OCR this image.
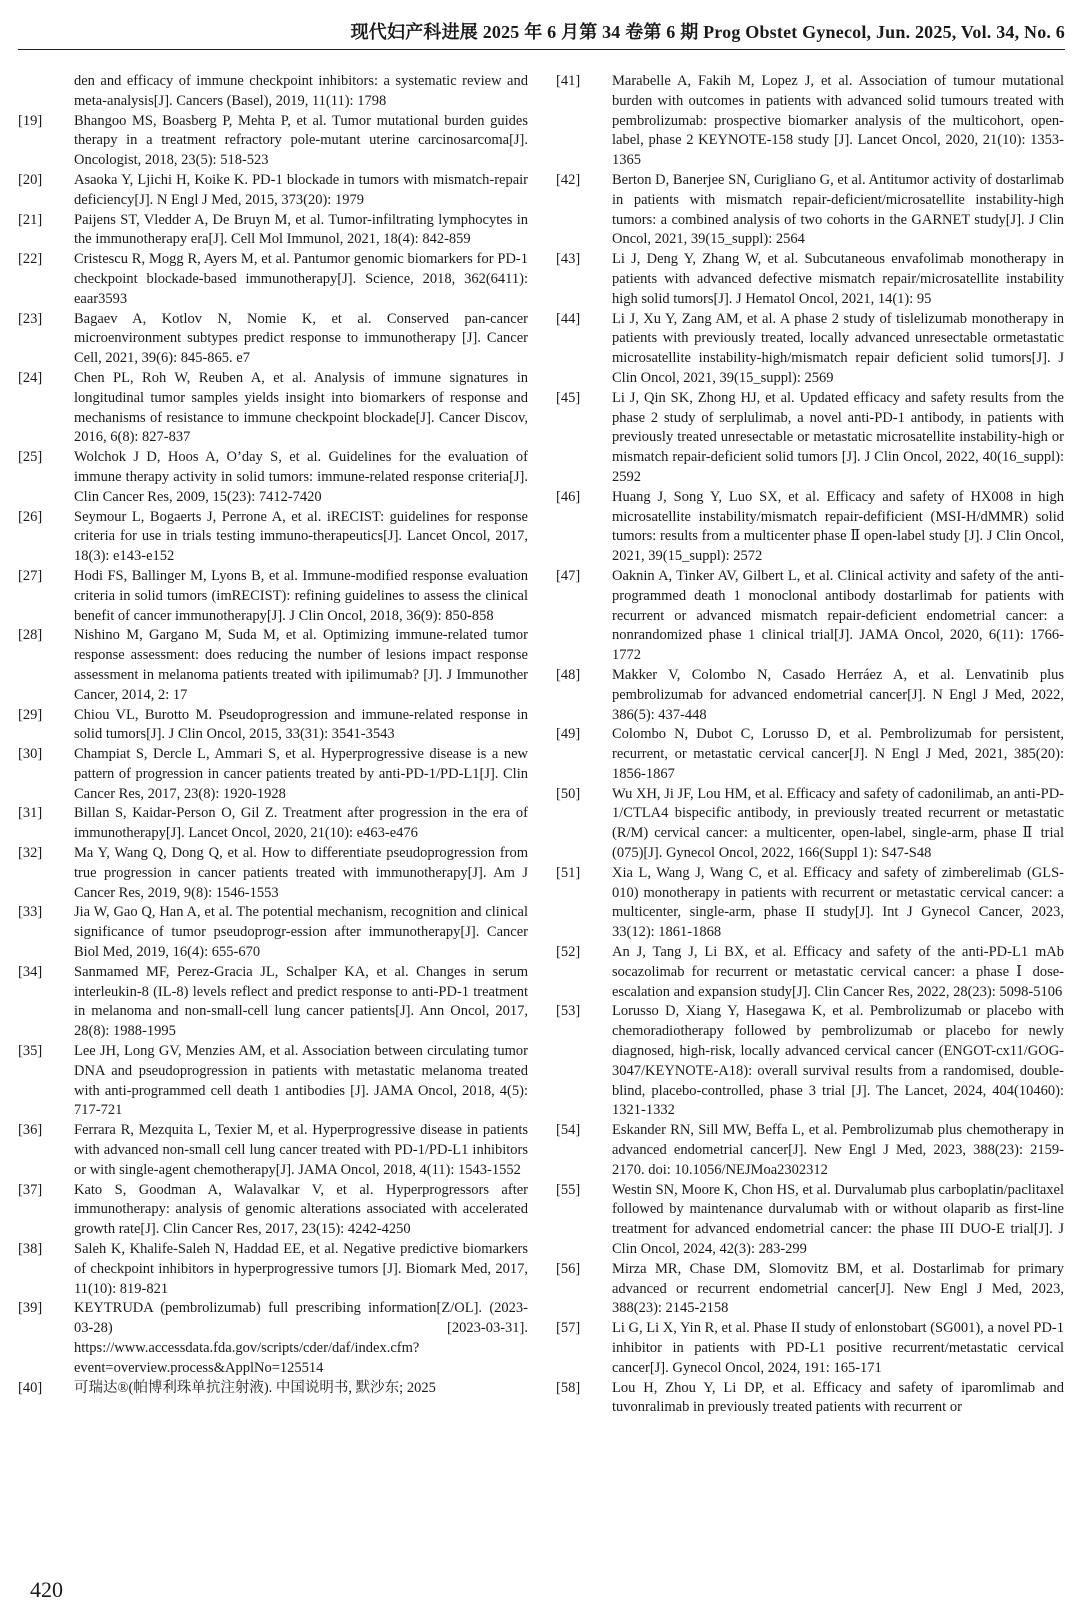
现代妇产科进展 2025 年 6 月第 34 卷第 6 期 Prog Obstet Gynecol, Jun. 2025, Vol. 34, No. 6
den and efficacy of immune checkpoint inhibitors: a systematic review and meta-analysis[J]. Cancers (Basel), 2019, 11(11): 1798
[19]	Bhangoo MS, Boasberg P, Mehta P, et al. Tumor mutational burden guides therapy in a treatment refractory pole-mutant uterine carcinosarcoma[J]. Oncologist, 2018, 23(5): 518-523
[20]	Asaoka Y, Ljichi H, Koike K. PD-1 blockade in tumors with mismatch-repair deficiency[J]. N Engl J Med, 2015, 373(20): 1979
[21]	Paijens ST, Vledder A, De Bruyn M, et al. Tumor-infiltrating lymphocytes in the immunotherapy era[J]. Cell Mol Immunol, 2021, 18(4): 842-859
[22]	Cristescu R, Mogg R, Ayers M, et al. Pantumor genomic biomarkers for PD-1 checkpoint blockade-based immunotherapy[J]. Science, 2018, 362(6411): eaar3593
[23]	Bagaev A, Kotlov N, Nomie K, et al. Conserved pan-cancer microenvironment subtypes predict response to immunotherapy [J]. Cancer Cell, 2021, 39(6): 845-865. e7
[24]	Chen PL, Roh W, Reuben A, et al. Analysis of immune signatures in longitudinal tumor samples yields insight into biomarkers of response and mechanisms of resistance to immune checkpoint blockade[J]. Cancer Discov, 2016, 6(8): 827-837
[25]	Wolchok J D, Hoos A, O’day S, et al. Guidelines for the evaluation of immune therapy activity in solid tumors: immune-related response criteria[J]. Clin Cancer Res, 2009, 15(23): 7412-7420
[26]	Seymour L, Bogaerts J, Perrone A, et al. iRECIST: guidelines for response criteria for use in trials testing immuno-therapeutics[J]. Lancet Oncol, 2017, 18(3): e143-e152
[27]	Hodi FS, Ballinger M, Lyons B, et al. Immune-modified response evaluation criteria in solid tumors (imRECIST): refining guidelines to assess the clinical benefit of cancer immunotherapy[J]. J Clin Oncol, 2018, 36(9): 850-858
[28]	Nishino M, Gargano M, Suda M, et al. Optimizing immune-related tumor response assessment: does reducing the number of lesions impact response assessment in melanoma patients treated with ipilimumab? [J]. J Immunother Cancer, 2014, 2: 17
[29]	Chiou VL, Burotto M. Pseudoprogression and immune-related response in solid tumors[J]. J Clin Oncol, 2015, 33(31): 3541-3543
[30]	Champiat S, Dercle L, Ammari S, et al. Hyperprogressive disease is a new pattern of progression in cancer patients treated by anti-PD-1/PD-L1[J]. Clin Cancer Res, 2017, 23(8): 1920-1928
[31]	Billan S, Kaidar-Person O, Gil Z. Treatment after progression in the era of immunotherapy[J]. Lancet Oncol, 2020, 21(10): e463-e476
[32]	Ma Y, Wang Q, Dong Q, et al. How to differentiate pseudoprogression from true progression in cancer patients treated with immunotherapy[J]. Am J Cancer Res, 2019, 9(8): 1546-1553
[33]	Jia W, Gao Q, Han A, et al. The potential mechanism, recognition and clinical significance of tumor pseudoprogr-ession after immunotherapy[J]. Cancer Biol Med, 2019, 16(4): 655-670
[34]	Sanmamed MF, Perez-Gracia JL, Schalper KA, et al. Changes in serum interleukin-8 (IL-8) levels reflect and predict response to anti-PD-1 treatment in melanoma and non-small-cell lung cancer patients[J]. Ann Oncol, 2017, 28(8): 1988-1995
[35]	Lee JH, Long GV, Menzies AM, et al. Association between circulating tumor DNA and pseudoprogression in patients with metastatic melanoma treated with anti-programmed cell death 1 antibodies [J]. JAMA Oncol, 2018, 4(5): 717-721
[36]	Ferrara R, Mezquita L, Texier M, et al. Hyperprogressive disease in patients with advanced non-small cell lung cancer treated with PD-1/PD-L1 inhibitors or with single-agent chemotherapy[J]. JAMA Oncol, 2018, 4(11): 1543-1552
[37]	Kato S, Goodman A, Walavalkar V, et al. Hyperprogressors after immunotherapy: analysis of genomic alterations associated with accelerated growth rate[J]. Clin Cancer Res, 2017, 23(15): 4242-4250
[38]	Saleh K, Khalife-Saleh N, Haddad EE, et al. Negative predictive biomarkers of checkpoint inhibitors in hyperprogressive tumors [J]. Biomark Med, 2017, 11(10): 819-821
[39]	KEYTRUDA (pembrolizumab) full prescribing information[Z/OL]. (2023-03-28) [2023-03-31]. https://www.accessdata.fda.gov/scripts/cder/daf/index.cfm? event=overview.process&ApplNo=125514
[40]	可瑞达®(帕博利珠单抗注射液). 中国说明书, 默沙东; 2025
[41]	Marabelle A, Fakih M, Lopez J, et al. Association of tumour mutational burden with outcomes in patients with advanced solid tumours treated with pembrolizumab: prospective biomarker analysis of the multicohort, open-label, phase 2 KEYNOTE-158 study [J]. Lancet Oncol, 2020, 21(10): 1353-1365
[42]	Berton D, Banerjee SN, Curigliano G, et al. Antitumor activity of dostarlimab in patients with mismatch repair-deficient/microsatellite instability-high tumors: a combined analysis of two cohorts in the GARNET study[J]. J Clin Oncol, 2021, 39(15_suppl): 2564
[43]	Li J, Deng Y, Zhang W, et al. Subcutaneous envafolimab monotherapy in patients with advanced defective mismatch repair/microsatellite instability high solid tumors[J]. J Hematol Oncol, 2021, 14(1): 95
[44]	Li J, Xu Y, Zang AM, et al. A phase 2 study of tislelizumab monotherapy in patients with previously treated, locally advanced unresectable ormetastatic microsatellite instability-high/mismatch repair deficient solid tumors[J]. J Clin Oncol, 2021, 39(15_suppl): 2569
[45]	Li J, Qin SK, Zhong HJ, et al. Updated efficacy and safety results from the phase 2 study of serplulimab, a novel anti-PD-1 antibody, in patients with previously treated unresectable or metastatic microsatellite instability-high or mismatch repair-deficient solid tumors [J]. J Clin Oncol, 2022, 40(16_suppl): 2592
[46]	Huang J, Song Y, Luo SX, et al. Efficacy and safety of HX008 in high microsatellite instability/mismatch repair-defificient (MSI-H/dMMR) solid tumors: results from a multicenter phase Ⅱ open-label study [J]. J Clin Oncol, 2021, 39(15_suppl): 2572
[47]	Oaknin A, Tinker AV, Gilbert L, et al. Clinical activity and safety of the anti-programmed death 1 monoclonal antibody dostarlimab for patients with recurrent or advanced mismatch repair-deficient endometrial cancer: a nonrandomized phase 1 clinical trial[J]. JAMA Oncol, 2020, 6(11): 1766-1772
[48]	Makker V, Colombo N, Casado Herráez A, et al. Lenvatinib plus pembrolizumab for advanced endometrial cancer[J]. N Engl J Med, 2022, 386(5): 437-448
[49]	Colombo N, Dubot C, Lorusso D, et al. Pembrolizumab for persistent, recurrent, or metastatic cervical cancer[J]. N Engl J Med, 2021, 385(20): 1856-1867
[50]	Wu XH, Ji JF, Lou HM, et al. Efficacy and safety of cadonilimab, an anti-PD-1/CTLA4 bispecific antibody, in previously treated recurrent or metastatic (R/M) cervical cancer: a multicenter, open-label, single-arm, phase Ⅱ trial (075)[J]. Gynecol Oncol, 2022, 166(Suppl 1): S47-S48
[51]	Xia L, Wang J, Wang C, et al. Efficacy and safety of zimberelimab (GLS-010) monotherapy in patients with recurrent or metastatic cervical cancer: a multicenter, single-arm, phase II study[J]. Int J Gynecol Cancer, 2023, 33(12): 1861-1868
[52]	An J, Tang J, Li BX, et al. Efficacy and safety of the anti-PD-L1 mAb socazolimab for recurrent or metastatic cervical cancer: a phase Ⅰ dose-escalation and expansion study[J]. Clin Cancer Res, 2022, 28(23): 5098-5106
[53]	Lorusso D, Xiang Y, Hasegawa K, et al. Pembrolizumab or placebo with chemoradiotherapy followed by pembrolizumab or placebo for newly diagnosed, high-risk, locally advanced cervical cancer (ENGOT-cx11/GOG-3047/KEYNOTE-A18): overall survival results from a randomised, double-blind, placebo-controlled, phase 3 trial [J]. The Lancet, 2024, 404(10460): 1321-1332
[54]	Eskander RN, Sill MW, Beffa L, et al. Pembrolizumab plus chemotherapy in advanced endometrial cancer[J]. New Engl J Med, 2023, 388(23): 2159-2170. doi: 10.1056/NEJMoa2302312
[55]	Westin SN, Moore K, Chon HS, et al. Durvalumab plus carboplatin/paclitaxel followed by maintenance durvalumab with or without olaparib as first-line treatment for advanced endometrial cancer: the phase III DUO-E trial[J]. J Clin Oncol, 2024, 42(3): 283-299
[56]	Mirza MR, Chase DM, Slomovitz BM, et al. Dostarlimab for primary advanced or recurrent endometrial cancer[J]. New Engl J Med, 2023, 388(23): 2145-2158
[57]	Li G, Li X, Yin R, et al. Phase II study of enlonstobart (SG001), a novel PD-1 inhibitor in patients with PD-L1 positive recurrent/metastatic cervical cancer[J]. Gynecol Oncol, 2024, 191: 165-171
[58]	Lou H, Zhou Y, Li DP, et al. Efficacy and safety of iparomlimab and tuvonralimab in previously treated patients with recurrent or
420
